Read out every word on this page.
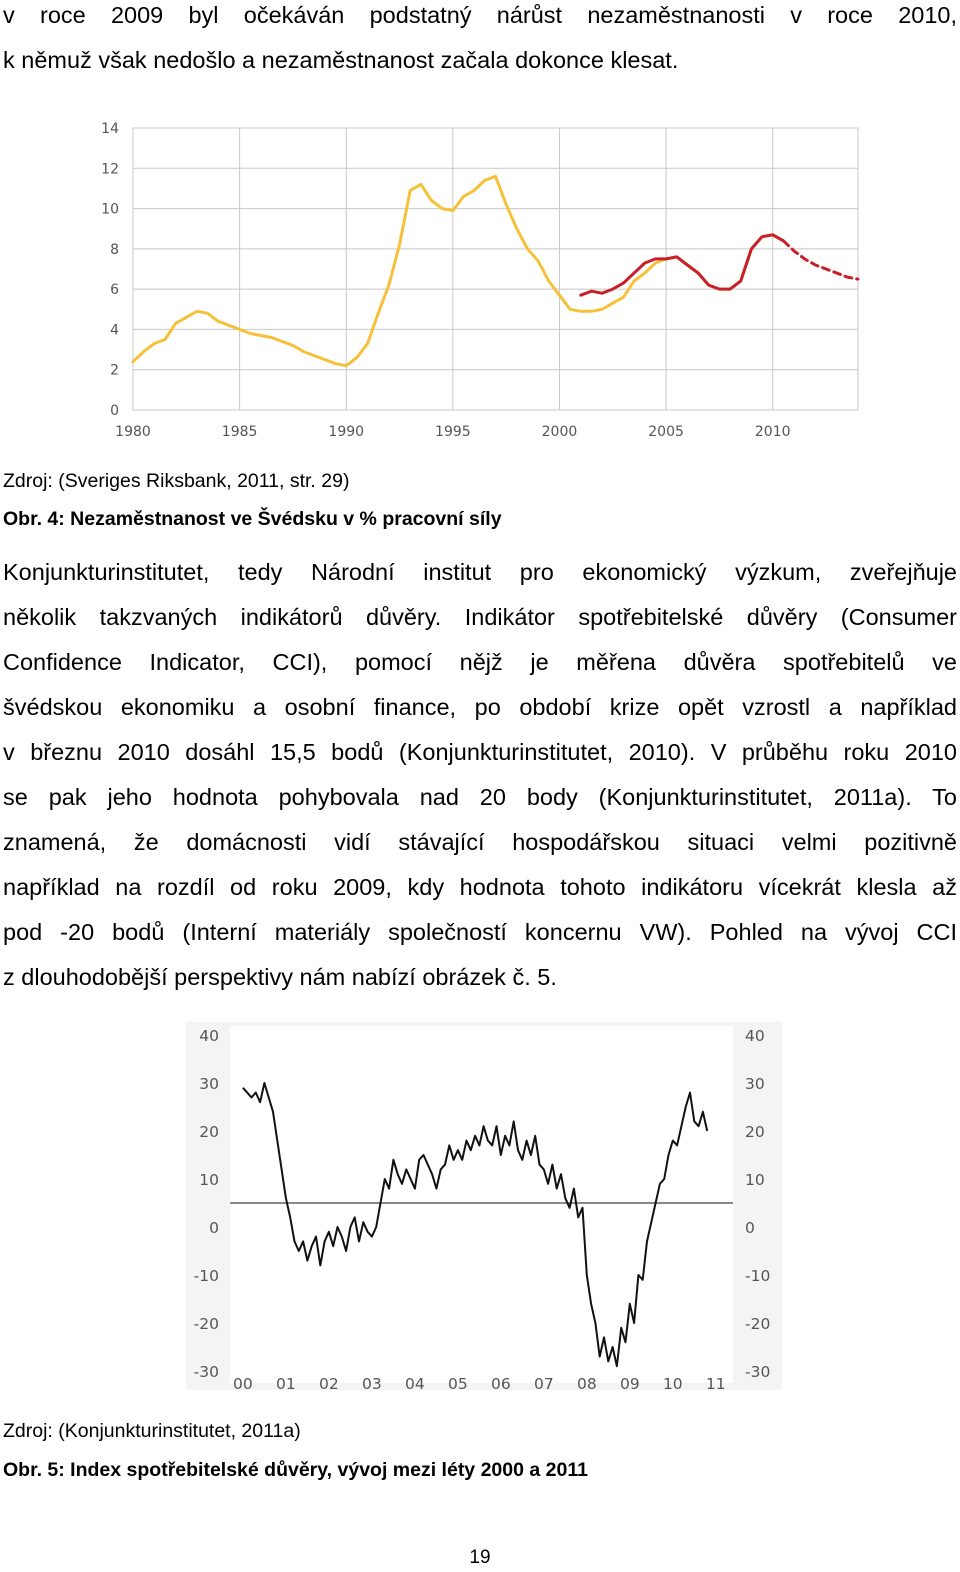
v roce 2009 byl očekáván podstatný nárůst nezaměstnanosti v roce 2010,
k němuž však nedošlo a nezaměstnanost začala dokonce klesat.
0
2
4
6
8
10
12
14
1980	1985	1990	1995	2000	2005	2010
Zdroj: (Sveriges Riksbank, 2011, str. 29)
Obr. 4: Nezaměstnanost ve Švédsku v % pracovní síly
Konjunkturinstitutet, tedy Národní institut pro ekonomický výzkum, zveřejňuje
několik takzvaných indikátorů důvěry. Indikátor spotřebitelské důvěry (Consumer
Confidence Indicator, CCI), pomocí nějž je měřena důvěra spotřebitelů ve
švédskou ekonomiku a osobní finance, po období krize opět vzrostl a například
v březnu 2010 dosáhl 15,5 bodů (Konjunkturinstitutet, 2010). V průběhu roku 2010
se pak jeho hodnota pohybovala nad 20 body (Konjunkturinstitutet, 2011a). To
znamená, že domácnosti vidí stávající hospodářskou situaci velmi pozitivně
například na rozdíl od roku 2009, kdy hodnota tohoto indikátoru vícekrát klesla až
pod -20 bodů (Interní materiály společností koncernu VW). Pohled na vývoj CCI
z dlouhodobější perspektivy nám nabízí obrázek č. 5.
-30	-30
-20	-20
-10	-10
0	0
10	10
20	20
30	30
40	40
00 01 02 03 04 05 06 07 08 09 10 11
Zdroj: (Konjunkturinstitutet, 2011a)
Obr. 5: Index spotřebitelské důvěry, vývoj mezi léty 2000 a 2011
19
